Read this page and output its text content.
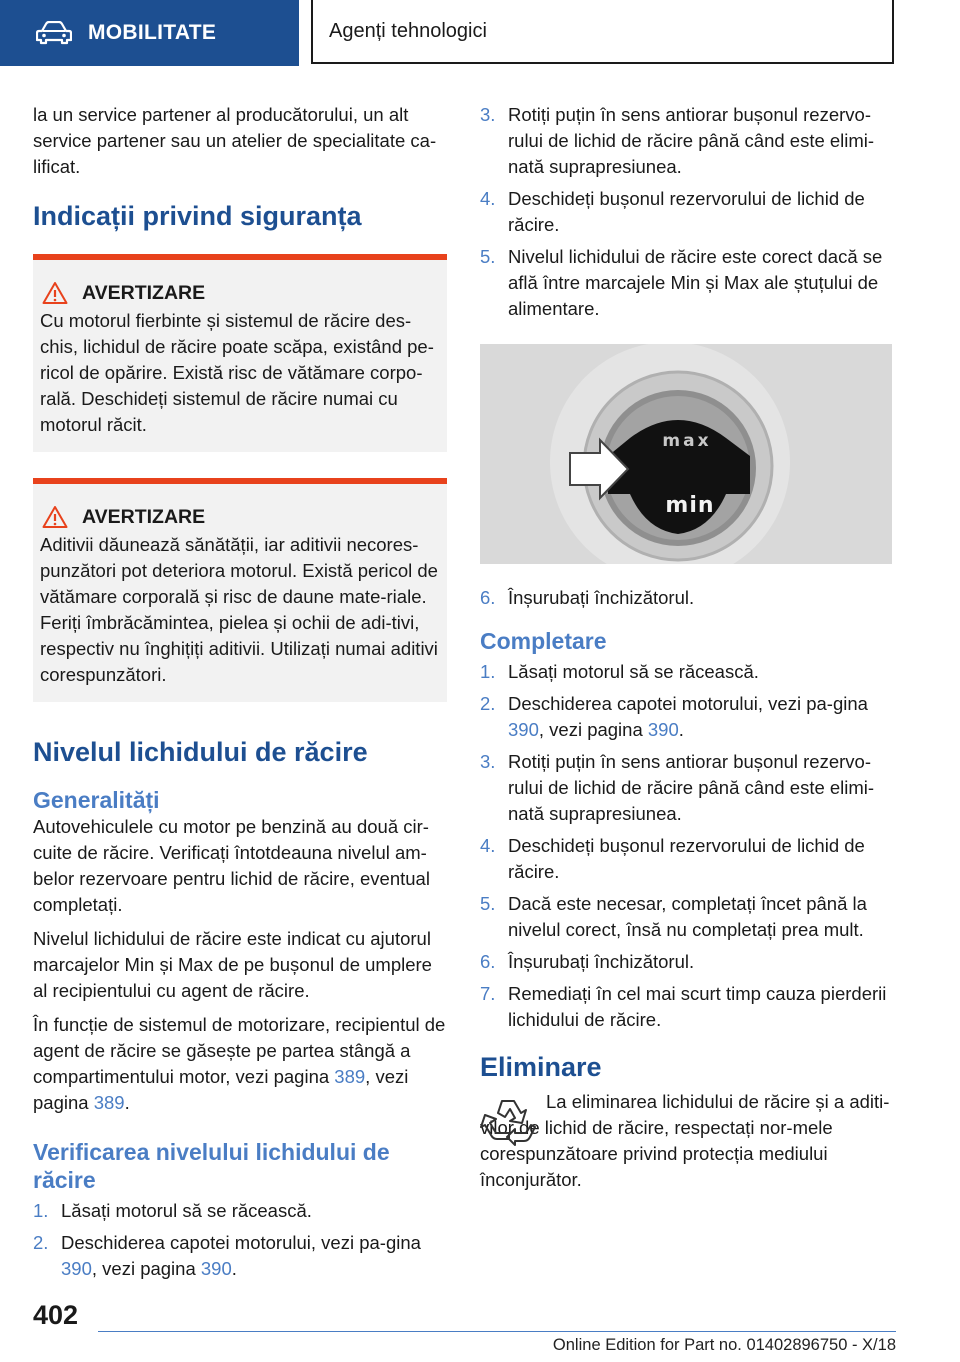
MOBILITATE	Agenți tehnologici

la un service partener al producătorului, un alt service partener sau un atelier de specialitate ca-lificat.

Indicații privind siguranța
AVERTIZARE
Cu motorul fierbinte și sistemul de răcire des-chis, lichidul de răcire poate scăpa, existând pe-ricol de opărire. Există risc de vătămare corpo-rală. Deschideți sistemul de răcire numai cu motorul răcit.
AVERTIZARE
Aditivii dăunează sănătății, iar aditivii necores-punzători pot deteriora motorul. Există pericol de vătămare corporală și risc de daune mate-riale. Feriți îmbrăcămintea, pielea și ochii de adi-tivi, respectiv nu înghițiți aditivii. Utilizați numai aditivi corespunzători.
Nivelul lichidului de răcire
Generalități

Autovehiculele cu motor pe benzină au două cir-cuite de răcire. Verificați întotdeauna nivelul am-belor rezervoare pentru lichid de răcire, eventual completați.

Nivelul lichidului de răcire este indicat cu ajutorul marcajelor Min și Max de pe bușonul de umplere al recipientului cu agent de răcire.

În funcție de sistemul de motorizare, recipientul de agent de răcire se găsește pe partea stângă a compartimentului motor, vezi pagina 389, vezi pagina 389.

Verificarea nivelului lichidului de răcire
1. Lăsați motorul să se răcească.
2. Deschiderea capotei motorului, vezi pa-gina 390, vezi pagina 390.
3. Rotiți puțin în sens antiorar bușonul rezervo-rului de lichid de răcire până când este elimi-nată suprapresiunea.
4. Deschideți bușonul rezervorului de lichid de răcire.
5. Nivelul lichidului de răcire este corect dacă se află între marcajele Min și Max ale ștuțului de alimentare.
max
min
6. Înșurubați închizătorul.
Completare
1. Lăsați motorul să se răcească.
2. Deschiderea capotei motorului, vezi pa-gina 390, vezi pagina 390.
3. Rotiți puțin în sens antiorar bușonul rezervo-rului de lichid de răcire până când este elimi-nată suprapresiunea.
4. Deschideți bușonul rezervorului de lichid de răcire.
5. Dacă este necesar, completați încet până la nivelul corect, însă nu completați prea mult.
6. Înșurubați închizătorul.
7. Remediați în cel mai scurt timp cauza pierderii lichidului de răcire.
Eliminare

La eliminarea lichidului de răcire și a aditi-vilor de lichid de răcire, respectați nor-mele corespunzătoare privind protecția mediului înconjurător.

402
Online Edition for Part no. 01402896750 - X/18
